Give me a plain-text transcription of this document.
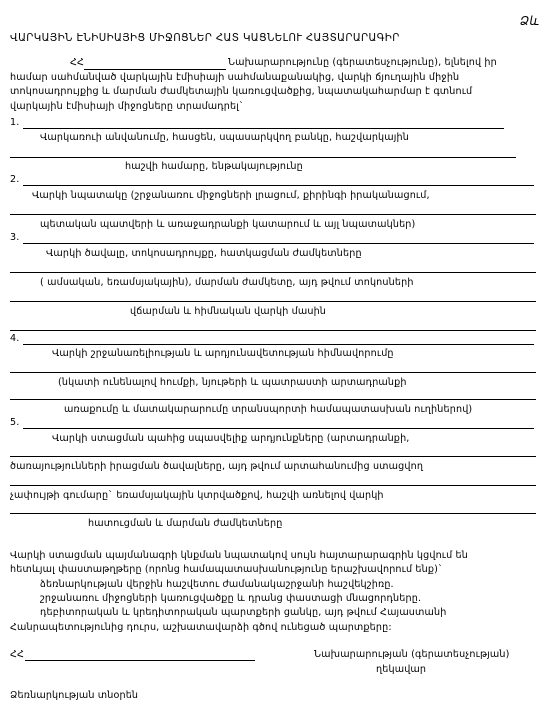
Ձև
ՎԱՐԿԱՅԻՆ ԷՆԻՍԻԱՅԻՑ ՄԻՋՈՑՆԵՐ ՀԱՏ ԿԱՑՆԵԼՈՒ ՀԱՅՏԱՐԱՐԱԳԻՐ
ՀՀ	Նախարարությունը (գերատեսչությունը), ելնելով իր
համար սահմանված վարկային էմիսիայի սահմանաքանակից, վարկի ճյուղային միջին
տոկոսադրույքից և մարման ժամկետային կառուցվածքից, նպատակահարմար է գտնում
վարկային էմիսիայի միջոցները տրամադրել`
1.
Վարկառուի անվանումը, հասցեն, սպասարկվող բանկը, հաշվարկային
հաշվի համարը, ենթակայությունը
2.
Վարկի նպատակը (շրջանառու միջոցների լրացում, քիրինգի իրականացում,
պետական պատվերի և առաջադրանքի կատարում և այլ նպատակներ)
3.
Վարկի ծավալը, տոկոսադրույքը, հատկացման ժամկետները
( ամսական, եռամսյակային), մարման ժամկետը, այդ թվում տոկոսների
վճարման և հիմնական վարկի մասին
4.
Վարկի շրջանառելիության և արդյունավետության հիմնավորումը
(նկատի ունենալով հումքի, նյութերի և պատրաստի արտադրանքի
առաքումը և մատակարարումը տրանսպորտի համապատասխան ուղիներով)
5.
Վարկի ստացման պահից սպասվելիք արդյունքները (արտադրանքի,
ծառայությունների իրացման ծավալները, այդ թվում արտահանումից ստացվող
չափույթի գումարը` եռամսյակային կտրվածքով, հաշվի առնելով վարկի
հատուցման և մարման ժամկետները
Վարկի ստացման պայմանագրի կնքման նպատակով սույն հայտարարագրին կցվում են
հետևյալ փաստաթղթերը (որոնց համապատասխանությունը երաշխավորում ենք)`
ձեռնարկության վերջին հաշվետու ժամանակաշրջանի հաշվեկշիռը.
շրջանառու միջոցների կառուցվածքը և դրանց փաստացի մնացորդները.
դեբիտորական և կրեդիտորական պարտքերի ցանկը, այդ թվում Հայաստանի
Հանրապետությունից դուրս, աշխատավարձի գծով ունեցած պարտքերը:
ՀՀ	Նախարարության (գերատեսչության)
ղեկավար
Ձեռնարկության տնօրեն
